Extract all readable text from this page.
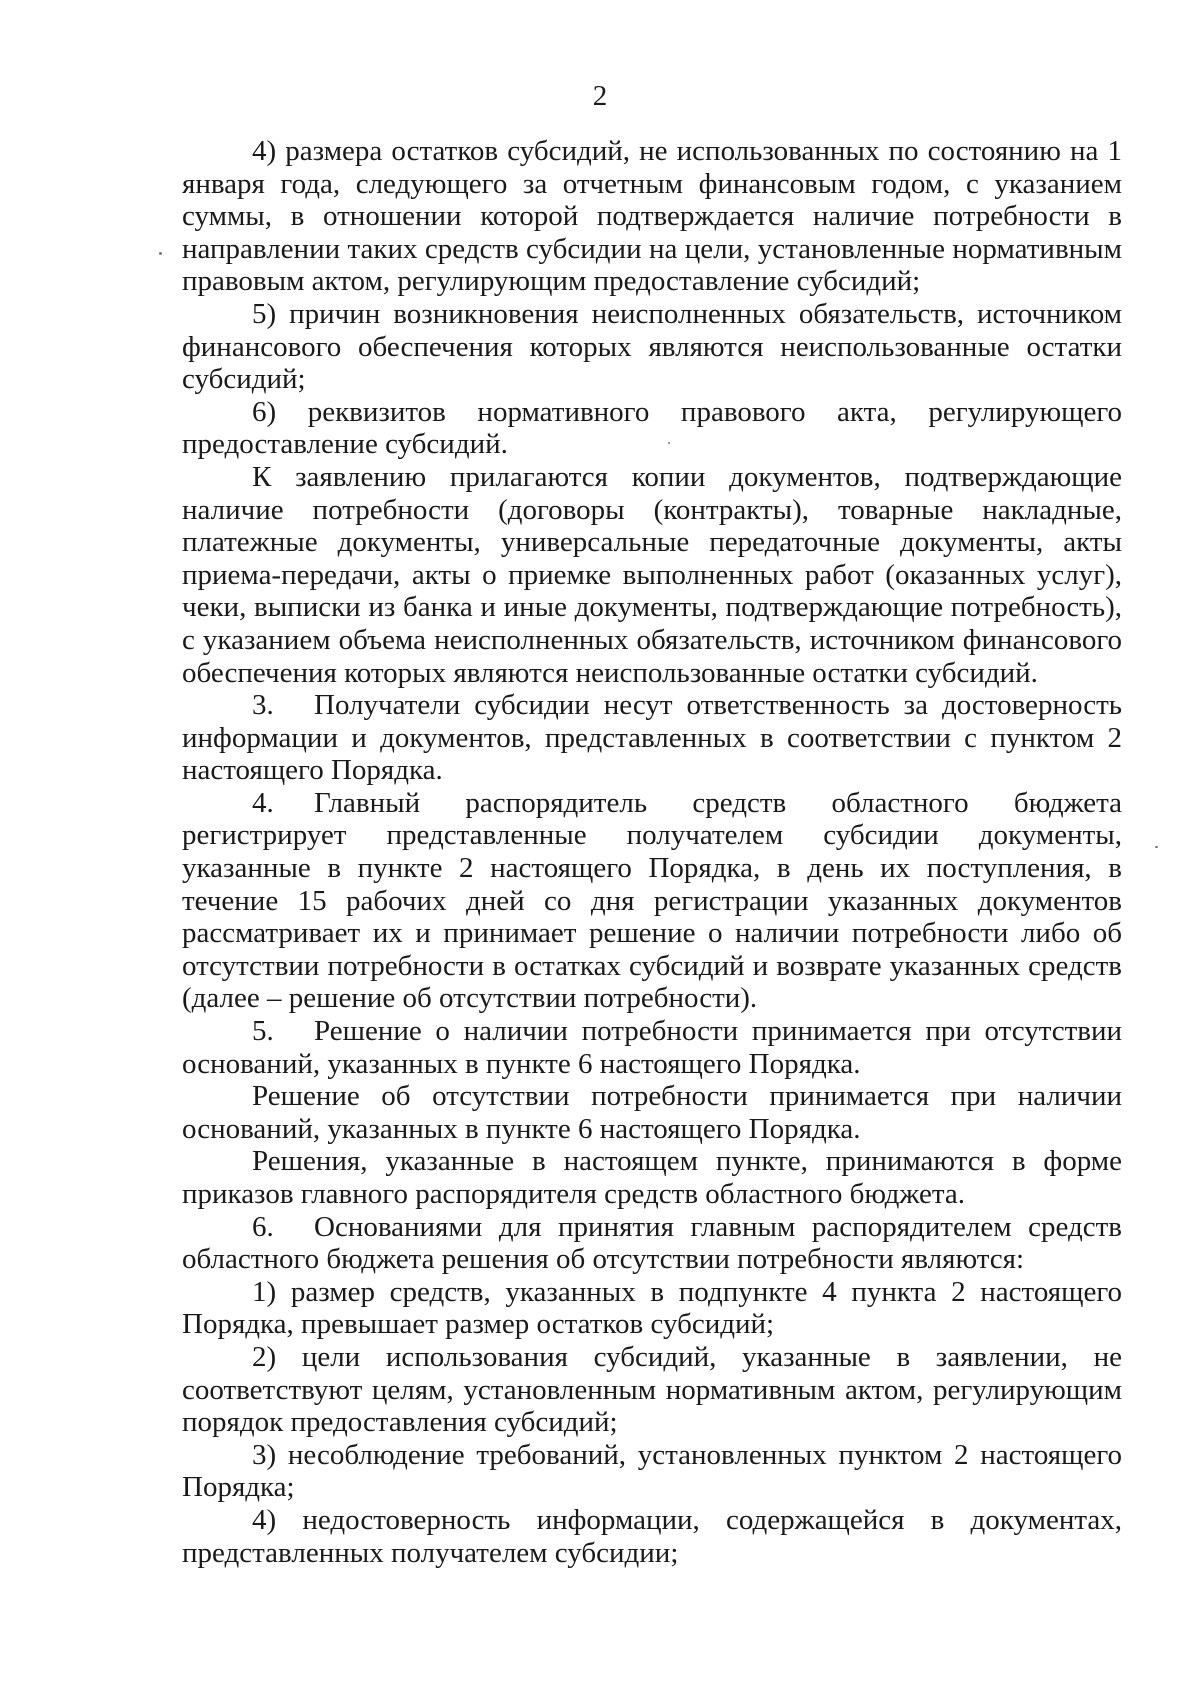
2

4) размера остатков субсидий, не использованных по состоянию на 1 января года, следующего за отчетным финансовым годом, с указанием суммы, в отношении которой подтверждается наличие потребности в направлении таких средств субсидии на цели, установленные нормативным правовым актом, регулирующим предоставление субсидий;

5) причин возникновения неисполненных обязательств, источником финансового обеспечения которых являются неиспользованные остатки субсидий;

6) реквизитов нормативного правового акта, регулирующего предоставление субсидий.

К заявлению прилагаются копии документов, подтверждающие наличие потребности (договоры (контракты), товарные накладные, платежные документы, универсальные передаточные документы, акты приема-передачи, акты о приемке выполненных работ (оказанных услуг), чеки, выписки из банка и иные документы, подтверждающие потребность), с указанием объема неисполненных обязательств, источником финансового обеспечения которых являются неиспользованные остатки субсидий.

3. Получатели субсидии несут ответственность за достоверность информации и документов, представленных в соответствии с пунктом 2 настоящего Порядка.

4. Главный распорядитель средств областного бюджета регистрирует представленные получателем субсидии документы, указанные в пункте 2 настоящего Порядка, в день их поступления, в течение 15 рабочих дней со дня регистрации указанных документов рассматривает их и принимает решение о наличии потребности либо об отсутствии потребности в остатках субсидий и возврате указанных средств (далее – решение об отсутствии потребности).

5. Решение о наличии потребности принимается при отсутствии оснований, указанных в пункте 6 настоящего Порядка.

Решение об отсутствии потребности принимается при наличии оснований, указанных в пункте 6 настоящего Порядка.

Решения, указанные в настоящем пункте, принимаются в форме приказов главного распорядителя средств областного бюджета.

6. Основаниями для принятия главным распорядителем средств областного бюджета решения об отсутствии потребности являются:

1) размер средств, указанных в подпункте 4 пункта 2 настоящего Порядка, превышает размер остатков субсидий;

2) цели использования субсидий, указанные в заявлении, не соответствуют целям, установленным нормативным актом, регулирующим порядок предоставления субсидий;

3) несоблюдение требований, установленных пунктом 2 настоящего Порядка;

4) недостоверность информации, содержащейся в документах, представленных получателем субсидии;
